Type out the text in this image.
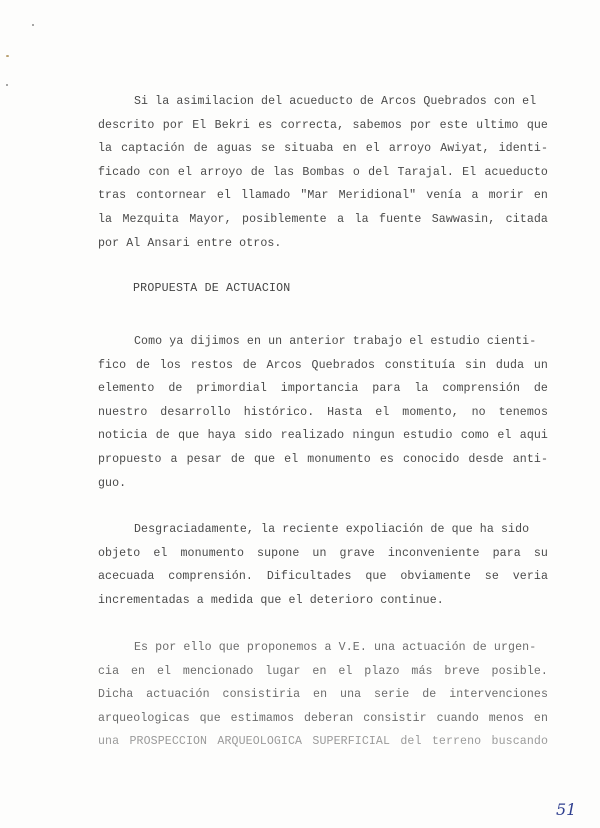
Si la asimilacion del acueducto de Arcos Quebrados con el
descrito por El Bekri es correcta, sabemos por este ultimo que
la captación de aguas se situaba en el arroyo Awiyat, identi-
ficado con el arroyo de las Bombas o del Tarajal. El acueducto
tras contornear el llamado "Mar Meridional" venía a morir en
la Mezquita Mayor, posiblemente a la fuente Sawwasin, citada
por Al Ansari entre otros.
PROPUESTA DE ACTUACION
Como ya dijimos en un anterior trabajo el estudio cienti-
fico de los restos de Arcos Quebrados constituía sin duda un
elemento de primordial importancia para la comprensión de
nuestro desarrollo histórico. Hasta el momento, no tenemos
noticia de que haya sido realizado ningun estudio como el aqui
propuesto a pesar de que el monumento es conocido desde anti-
guo.
Desgraciadamente, la reciente expoliación de que ha sido
objeto el monumento supone un grave inconveniente para su
acecuada comprensión. Dificultades que obviamente se veria
incrementadas a medida que el deterioro continue.
Es por ello que proponemos a V.E. una actuación de urgen-
cia en el mencionado lugar en el plazo más breve posible.
Dicha actuación consistiria en una serie de intervenciones
arqueologicas que estimamos deberan consistir cuando menos en
una PROSPECCION ARQUEOLOGICA SUPERFICIAL del terreno buscando
51
